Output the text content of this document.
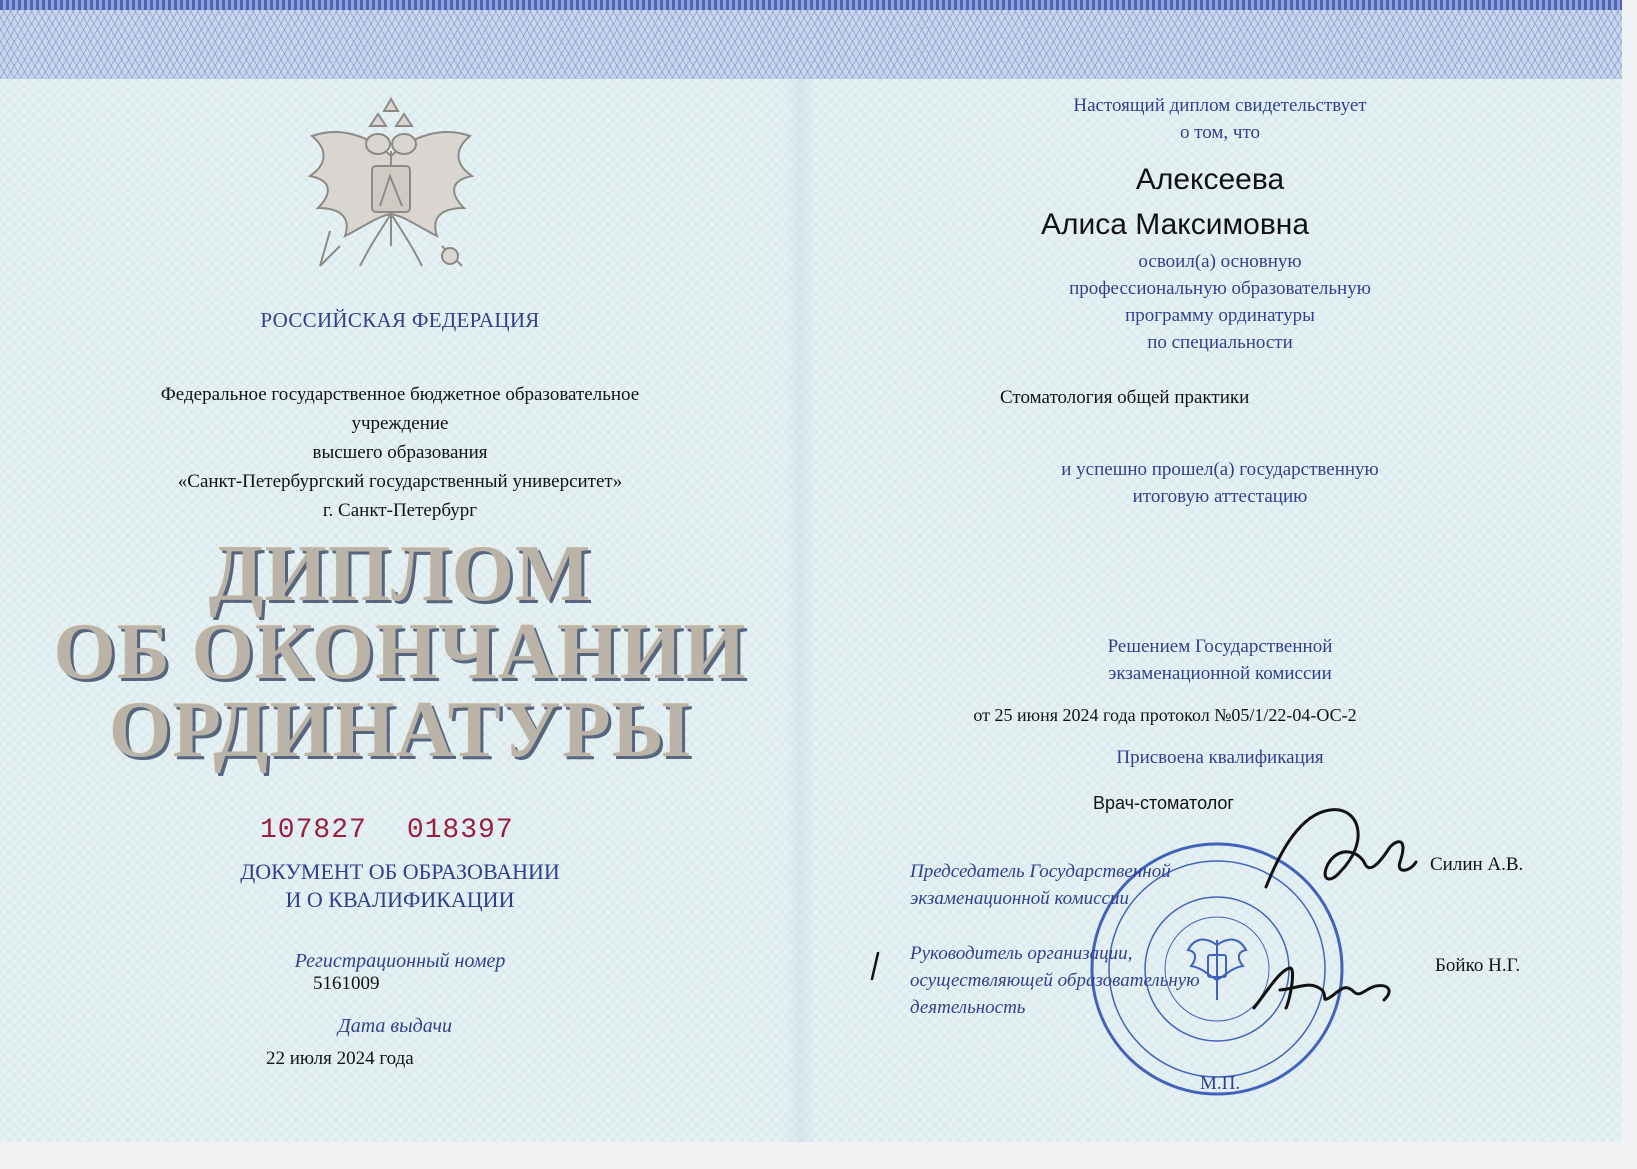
РОССИЙСКАЯ ФЕДЕРАЦИЯ
Федеральное государственное бюджетное образовательное
учреждение
высшего образования
«Санкт-Петербургский государственный университет»
г. Санкт-Петербург
ДИПЛОМ
ОБ ОКОНЧАНИИ
ОРДИНАТУРЫ
107827 018397
ДОКУМЕНТ ОБ ОБРАЗОВАНИИ
И О КВАЛИФИКАЦИИ
Регистрационный номер
5161009
Дата выдачи
22 июля 2024 года
Настоящий диплом свидетельствует
о том, что
Алексеева
Алиса Максимовна
освоил(а) основную
профессиональную образовательную
программу ординатуры
по специальности
Стоматология общей практики
и успешно прошел(а) государственную
итоговую аттестацию
Решением Государственной
экзаменационной комиссии
от 25 июня 2024 года протокол №05/1/22-04-ОС-2
Присвоена квалификация
Врач-стоматолог
Председатель Государственной
экзаменационной комиссии
Силин А.В.
Руководитель организации,
осуществляющей образовательную
деятельность
Бойко Н.Г.
М.П.
